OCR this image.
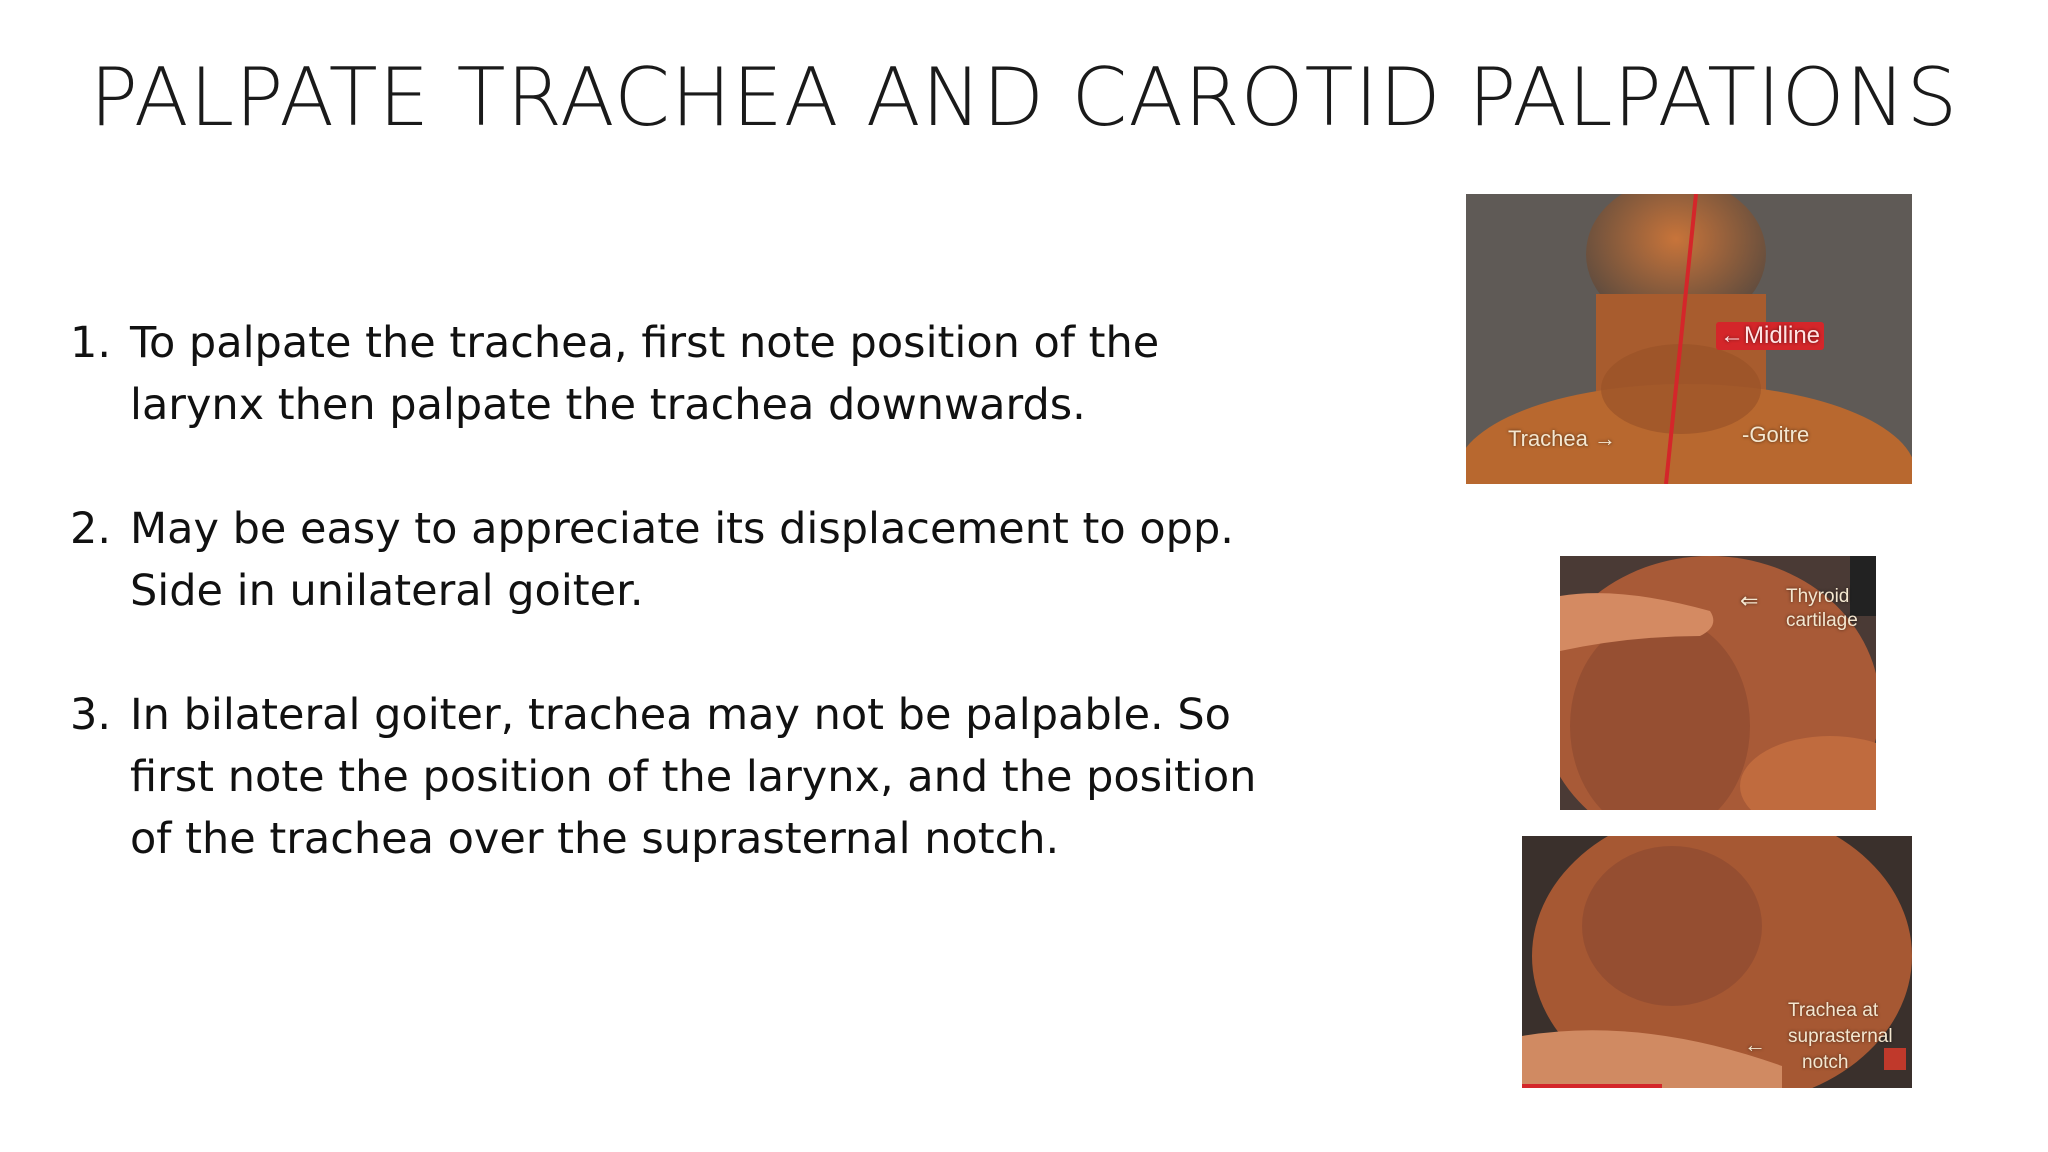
PALPATE TRACHEA AND CAROTID PALPATIONS
1. To palpate the trachea, first note position of the larynx then palpate the trachea downwards.
2. May be easy to appreciate its displacement to opp. Side in unilateral goiter.
3. In bilateral goiter, trachea may not be palpable. So first note the position of the larynx, and the position of the trachea over the suprasternal notch.
←Midline
Trachea →	-Goitre
⇐ Thyroid
cartilage
←
Trachea at
suprasternal
notch
